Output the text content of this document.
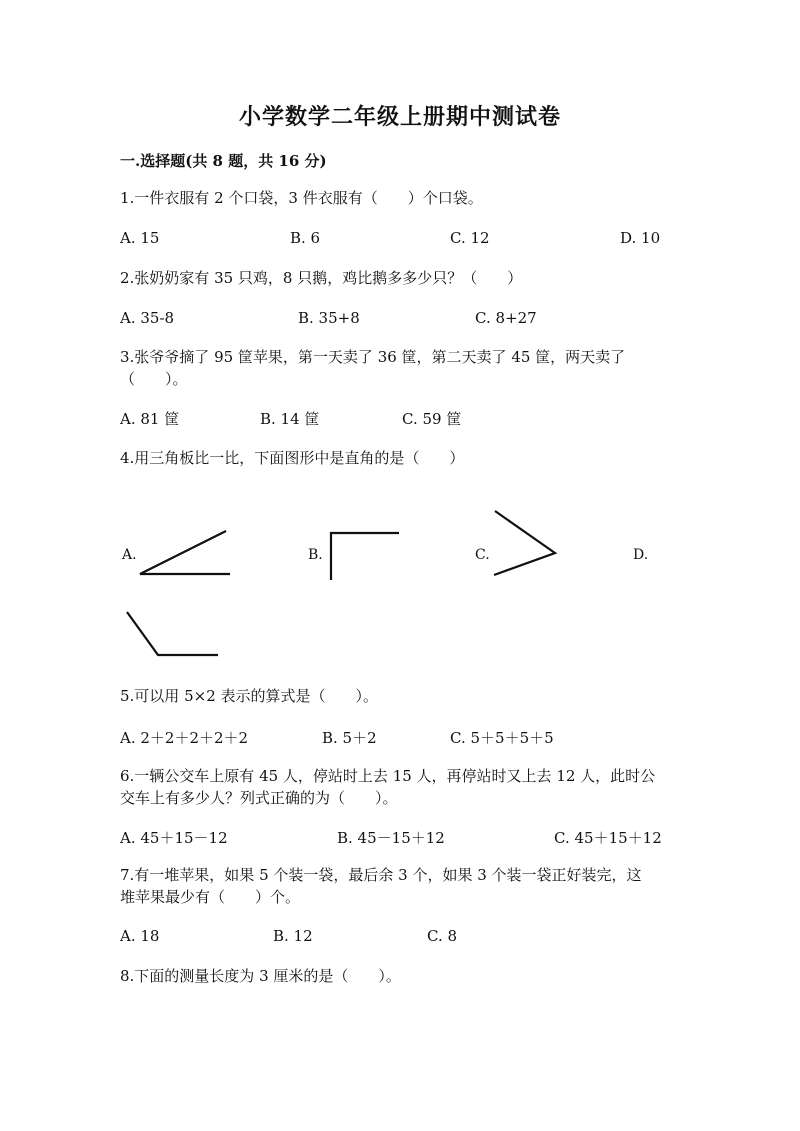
小学数学二年级上册期中测试卷
一.选择题(共 8 题，共 16 分)
1.一件衣服有 2 个口袋，3 件衣服有（　　）个口袋。
A. 15	B. 6	C. 12	D. 10
2.张奶奶家有 35 只鸡，8 只鹅，鸡比鹅多多少只？（　　）
A. 35-8	B. 35+8	C. 8+27
3.张爷爷摘了 95 筐苹果，第一天卖了 36 筐，第二天卖了 45 筐，两天卖了
（　　）。
A. 81 筐	B. 14 筐	C. 59 筐
4.用三角板比一比，下面图形中是直角的是（　　）
A.	B.	C.	D.
5.可以用 5×2 表示的算式是（　　）。
A. 2＋2＋2＋2＋2	B. 5＋2	C. 5＋5＋5＋5
6.一辆公交车上原有 45 人，停站时上去 15 人，再停站时又上去 12 人，此时公
交车上有多少人？列式正确的为（　　）。
A. 45＋15－12	B. 45－15＋12	C. 45＋15＋12
7.有一堆苹果，如果 5 个装一袋，最后余 3 个，如果 3 个装一袋正好装完，这
堆苹果最少有（　　）个。
A. 18	B. 12	C. 8
8.下面的测量长度为 3 厘米的是（　　）。
